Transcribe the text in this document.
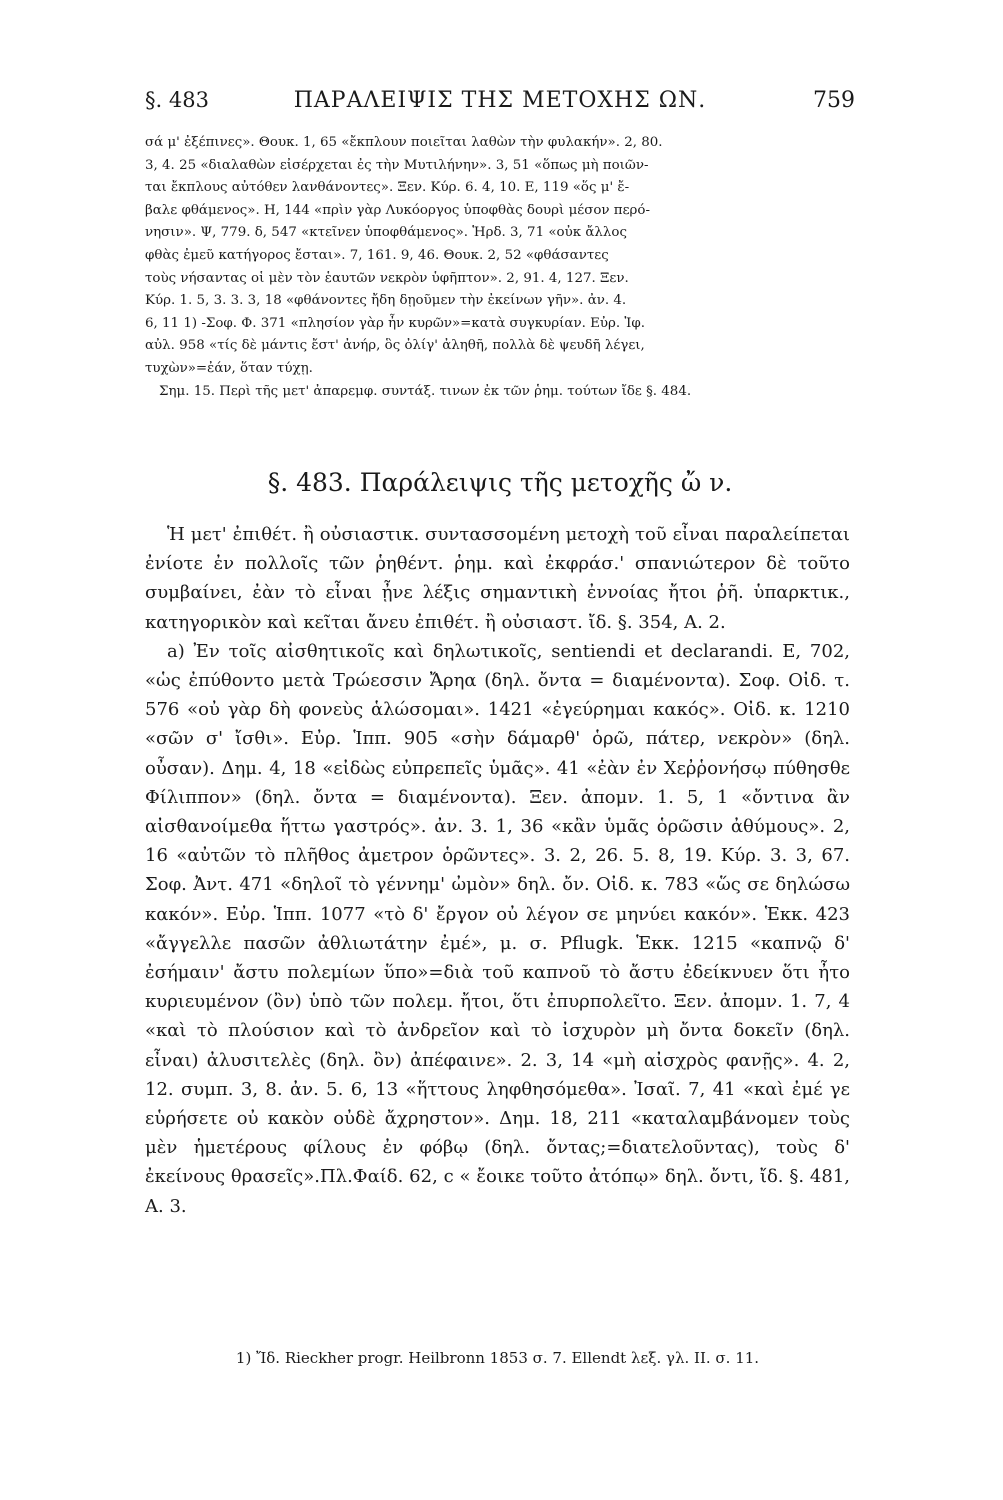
§. 483	ΠΑΡΑΛΕΙΨΙΣ ΤΗΣ ΜΕΤΟΧΗΣ ΩΝ.	759

σά μ' ἐξέπινες». Θουκ. 1, 65 «ἔκπλουν ποιεῖται λαθὼν τὴν φυλακήν». 2, 80.

3, 4. 25 «διαλαθὼν εἰσέρχεται ἐς τὴν Μυτιλήνην». 3, 51 «ὅπως μὴ ποιῶν-

ται ἔκπλους αὐτόθεν λανθάνοντες». Ξεν. Κύρ. 6. 4, 10. Ε, 119 «ὅς μ' ἔ-

βαλε φθάμενος». Η, 144 «πρὶν γὰρ Λυκόοργος ὑποφθὰς δουρὶ μέσον περό-

νησιν». Ψ, 779. δ, 547 «κτεῖνεν ὑποφθάμενος». Ἡρδ. 3, 71 «οὐκ ἄλλος

φθὰς ἐμεῦ κατήγορος ἔσται». 7, 161. 9, 46. Θουκ. 2, 52 «φθάσαντες

τοὺς νήσαντας οἱ μὲν τὸν ἑαυτῶν νεκρὸν ὑφῆπτον». 2, 91. 4, 127. Ξεν.

Κύρ. 1. 5, 3. 3. 3, 18 «φθάνοντες ἤδη δῃοῦμεν τὴν ἐκείνων γῆν». ἀν. 4.

6, 11 1) -Σοφ. Φ. 371 «πλησίον γὰρ ἦν κυρῶν»=κατὰ συγκυρίαν. Εὐρ. Ἰφ.

αὐλ. 958 «τίς δὲ μάντις ἔστ' ἀνήρ, ὃς ὀλίγ' ἀληθῆ, πολλὰ δὲ ψευδῆ λέγει,

τυχὼν»=ἐάν, ὅταν τύχῃ.

Σημ. 15. Περὶ τῆς μετ' ἀπαρεμφ. συντάξ. τινων ἐκ τῶν ῥημ. τούτων ἴδε §. 484.

§. 483. Παράλειψις τῆς μετοχῆς ὤ ν.

Ἡ μετ' ἐπιθέτ. ἢ οὐσιαστικ. συντασσομένη μετοχὴ τοῦ εἶναι παραλείπεται ἐνίοτε ἐν πολλοῖς τῶν ῥηθέντ. ῥημ. καὶ ἐκφράσ.' σπανιώτερον δὲ τοῦτο συμβαίνει, ἐὰν τὸ εἶναι ᾖνε λέξις σημαντικὴ ἐννοίας ἤτοι ῥῆ. ὑπαρκτικ., κατηγορικὸν καὶ κεῖται ἄνευ ἐπιθέτ. ἢ οὐσιαστ. ἴδ. §. 354, Α. 2.

a) Ἐν τοῖς αἰσθητικοῖς καὶ δηλωτικοῖς, sentiendi et declarandi. Ε, 702, «ὡς ἐπύθοντο μετὰ Τρώεσσιν Ἄρηα (δηλ. ὄντα = διαμένοντα). Σοφ. Οἰδ. τ. 576 «οὐ γὰρ δὴ φονεὺς ἁλώσομαι». 1421 «ἐγεύρημαι κακός». Οἰδ. κ. 1210 «σῶν σ' ἴσθι». Εὐρ. Ἱππ. 905 «σὴν δάμαρθ' ὁρῶ, πάτερ, νεκρὸν» (δηλ. οὖσαν). Δημ. 4, 18 «εἰδὼς εὐπρεπεῖς ὑμᾶς». 41 «ἐὰν ἐν Χεῤῥονήσῳ πύθησθε Φίλιππον» (δηλ. ὄντα = διαμένοντα). Ξεν. ἀπομν. 1. 5, 1 «ὄντινα ἂν αἰσθανοίμεθα ἥττω γαστρός». ἀν. 3. 1, 36 «κἂν ὑμᾶς ὁρῶσιν ἀθύμους». 2, 16 «αὐτῶν τὸ πλῆθος ἀμετρον ὁρῶντες». 3. 2, 26. 5. 8, 19. Κύρ. 3. 3, 67. Σοφ. Ἀντ. 471 «δηλοῖ τὸ γέννημ' ὠμὸν» δηλ. ὄν. Οἰδ. κ. 783 «ὥς σε δηλώσω κακόν». Εὐρ. Ἱππ. 1077 «τὸ δ' ἔργον οὐ λέγον σε μηνύει κακόν». Ἑκκ. 423 «ἄγγελλε πασῶν ἀθλιωτάτην ἐμέ», μ. σ. Pflugk. Ἑκκ. 1215 «καπνῷ δ' ἐσήμαιν' ἄστυ πολεμίων ὕπο»=διὰ τοῦ καπνοῦ τὸ ἄστυ ἐδείκνυεν ὅτι ἦτο κυριευμένον (ὂν) ὑπὸ τῶν πολεμ. ἤτοι, ὅτι ἐπυρπολεῖτο. Ξεν. ἀπομν. 1. 7, 4 «καὶ τὸ πλούσιον καὶ τὸ ἀνδρεῖον καὶ τὸ ἰσχυρὸν μὴ ὄντα δοκεῖν (δηλ. εἶναι) ἀλυσιτελὲς (δηλ. ὂν) ἀπέφαινε». 2. 3, 14 «μὴ αἰσχρὸς φανῇς». 4. 2, 12. συμπ. 3, 8. ἀν. 5. 6, 13 «ἥττους ληφθησόμεθα». Ἰσαῖ. 7, 41 «καὶ ἐμέ γε εὑρήσετε οὐ κακὸν οὐδὲ ἄχρηστον». Δημ. 18, 211 «καταλαμβάνομεν τοὺς μὲν ἡμετέρους φίλους ἐν φόβῳ (δηλ. ὄντας;=διατελοῦντας), τοὺς δ' ἐκείνους θρασεῖς».Πλ.Φαίδ. 62, c « ἔοικε τοῦτο ἀτόπῳ» δηλ. ὄντι, ἴδ. §. 481, Α. 3.

1) Ἴδ. Rieckher progr. Heilbronn 1853 σ. 7. Ellendt λεξ. γλ. ΙΙ. σ. 11.
